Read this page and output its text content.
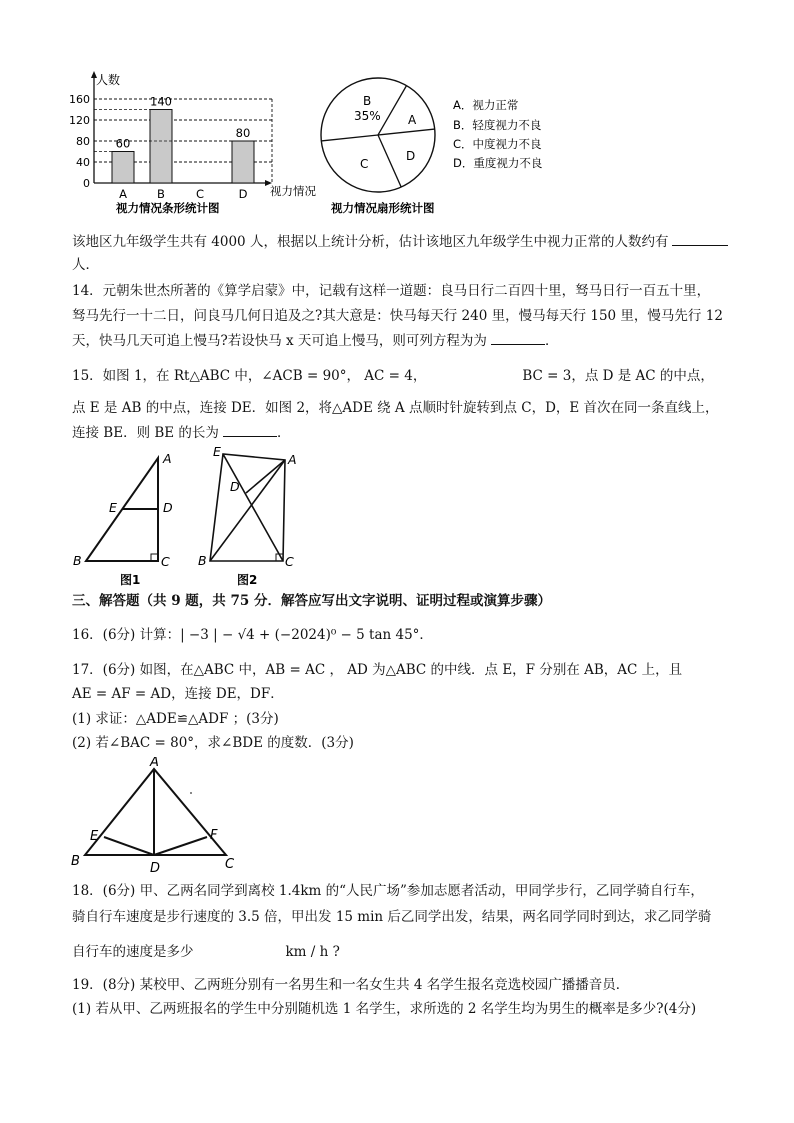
人数
160
120
80
40
0
60
A
140
B	C
80
D 视力情况
视力情况条形统计图
B
35% A
C
D
A．视力正常
B．轻度视力不良
C．中度视力不良
D．重度视力不良
视力情况扇形统计图
该地区九年级学生共有 4000 人，根据以上统计分析，估计该地区九年级学生中视力正常的人数约有
人．
14．元朝朱世杰所著的《算学启蒙》中，记载有这样一道题：良马日行二百四十里，驽马日行一百五十里，
驽马先行一十二日，问良马几何日追及之?其大意是：快马每天行 240 里，慢马每天行 150 里，慢马先行 12
天，快马几天可追上慢马?若设快马 x 天可追上慢马，则可列方程为为	．
15．如图 1，在 Rt△ABC 中，∠ACB = 90°， AC = 4，	BC = 3，点 D 是 AC 的中点，
点 E 是 AB 的中点，连接 DE．如图 2，将△ADE 绕 A 点顺时针旋转到点 C，D，E 首次在同一条直线上，
连接 BE．则 BE 的长为	．
A
E	D
B	C
图1
E
A
D
B	C
图2
三、解答题（共 9 题，共 75 分．解答应写出文字说明、证明过程或演算步骤）
16．(6分) 计算：| −3 | − √4 + (−2024)⁰ − 5 tan 45°．
17．(6分) 如图，在△ABC 中，AB = AC ， AD 为△ABC 的中线．点 E，F 分别在 AB，AC 上，且
AE = AF = AD，连接 DE，DF．
(1) 求证：△ADE≌△ADF ；(3分)
(2) 若∠BAC = 80°，求∠BDE 的度数．(3分)
A
E	F
B	D	C
18．(6分) 甲、乙两名同学到离校 1.4km 的“人民广场”参加志愿者活动，甲同学步行，乙同学骑自行车，
骑自行车速度是步行速度的 3.5 倍，甲出发 15 min 后乙同学出发，结果，两名同学同时到达，求乙同学骑
自行车的速度是多少	km / h ?
19．(8分) 某校甲、乙两班分别有一名男生和一名女生共 4 名学生报名竞选校园广播播音员．
(1) 若从甲、乙两班报名的学生中分别随机选 1 名学生，求所选的 2 名学生均为男生的概率是多少?(4分)
